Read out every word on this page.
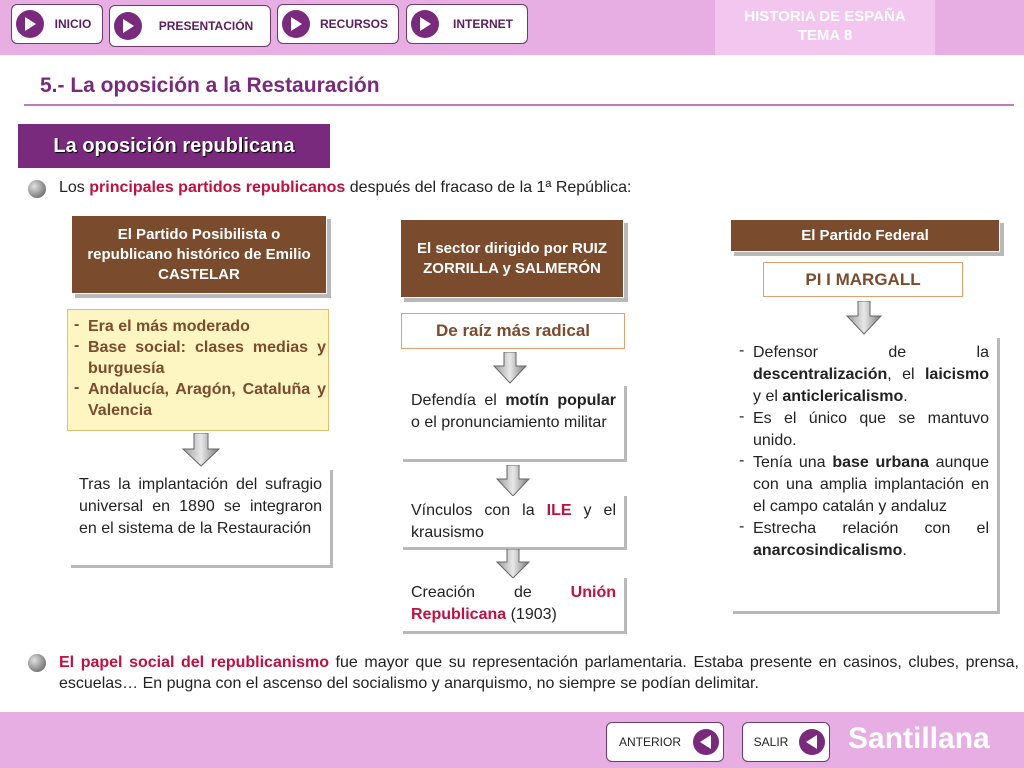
INICIO	PRESENTACIÓN	RECURSOS	INTERNET	HISTORIA DE ESPAÑA
TEMA 8
5.- La oposición a la Restauración
La oposición republicana
Los principales partidos republicanos después del fracaso de la 1ª República:
El Partido Posibilista o republicano histórico de Emilio CASTELAR
- Era el más moderado
- Base social: clases medias y burguesía
- Andalucía, Aragón, Cataluña y Valencia
Tras la implantación del sufragio universal en 1890 se integraron en el sistema de la Restauración
El sector dirigido por RUIZ ZORRILLA y SALMERÓN
De raíz más radical
Defendía el motín popular o el pronunciamiento militar
Vínculos con la ILE y el krausismo
Creación de Unión Republicana (1903)
El Partido Federal
PI I MARGALL
- Defensor de la descentralización, el laicismo y el anticlericalismo.
- Es el único que se mantuvo unido.
- Tenía una base urbana aunque con una amplia implantación en el campo catalán y andaluz
- Estrecha relación con el anarcosindicalismo.
El papel social del republicanismo fue mayor que su representación parlamentaria. Estaba presente en casinos, clubes, prensa, escuelas… En pugna con el ascenso del socialismo y anarquismo, no siempre se podían delimitar.
ANTERIOR	SALIR	Santillana
